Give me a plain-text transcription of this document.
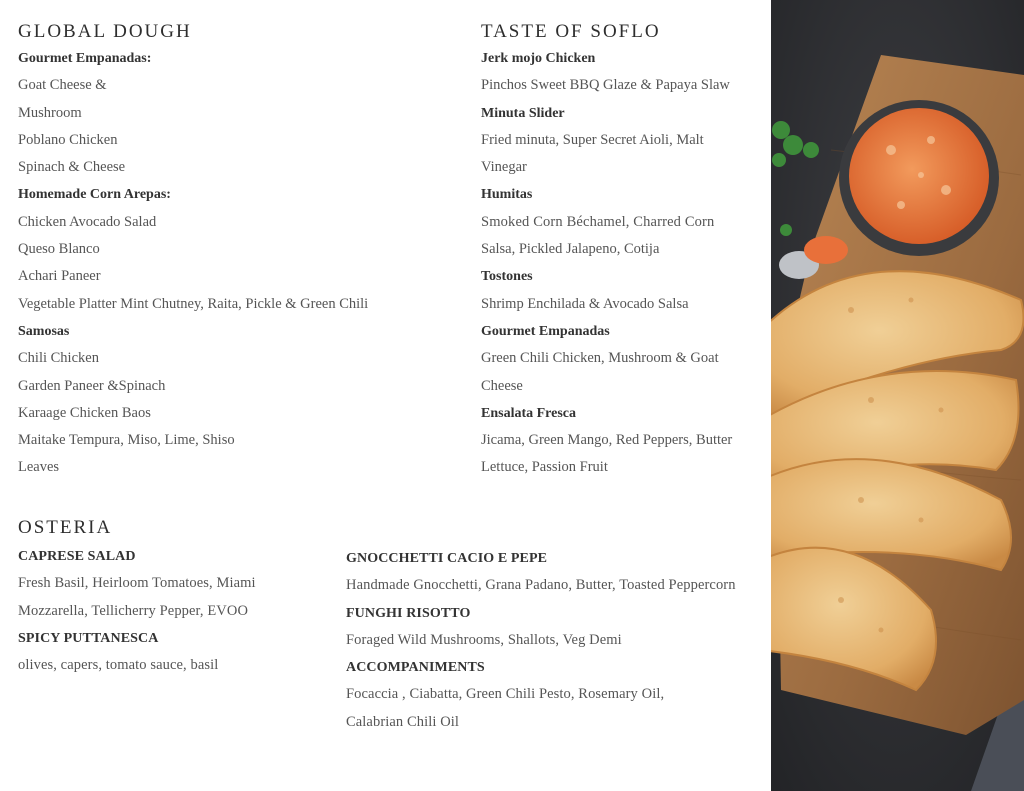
GLOBAL DOUGH
Gourmet Empanadas:
Goat Cheese &
Mushroom
Poblano Chicken
Spinach & Cheese
Homemade Corn Arepas:
Chicken Avocado Salad
Queso Blanco
Achari Paneer
Vegetable Platter Mint Chutney, Raita, Pickle & Green Chili
Samosas
Chili Chicken
Garden Paneer &Spinach
Karaage Chicken Baos
Maitake Tempura, Miso, Lime, Shiso
Leaves
TASTE OF SOFLO
Jerk mojo Chicken
Pinchos Sweet BBQ Glaze & Papaya Slaw
Minuta Slider
Fried minuta, Super Secret Aioli, Malt
Vinegar
Humitas
Smoked Corn Béchamel, Charred Corn
Salsa, Pickled Jalapeno, Cotija
Tostones
Shrimp Enchilada & Avocado Salsa
Gourmet Empanadas
Green Chili Chicken, Mushroom & Goat
Cheese
Ensalata Fresca
Jicama, Green Mango, Red Peppers, Butter
Lettuce, Passion Fruit
OSTERIA
CAPRESE SALAD
Fresh Basil, Heirloom Tomatoes, Miami
Mozzarella, Tellicherry Pepper, EVOO
SPICY PUTTANESCA
olives, capers, tomato sauce, basil
GNOCCHETTI CACIO E PEPE
Handmade Gnocchetti, Grana Padano, Butter, Toasted Peppercorn
FUNGHI RISOTTO
Foraged Wild Mushrooms, Shallots, Veg Demi
ACCOMPANIMENTS
Focaccia , Ciabatta, Green Chili Pesto, Rosemary Oil,
Calabrian Chili Oil
